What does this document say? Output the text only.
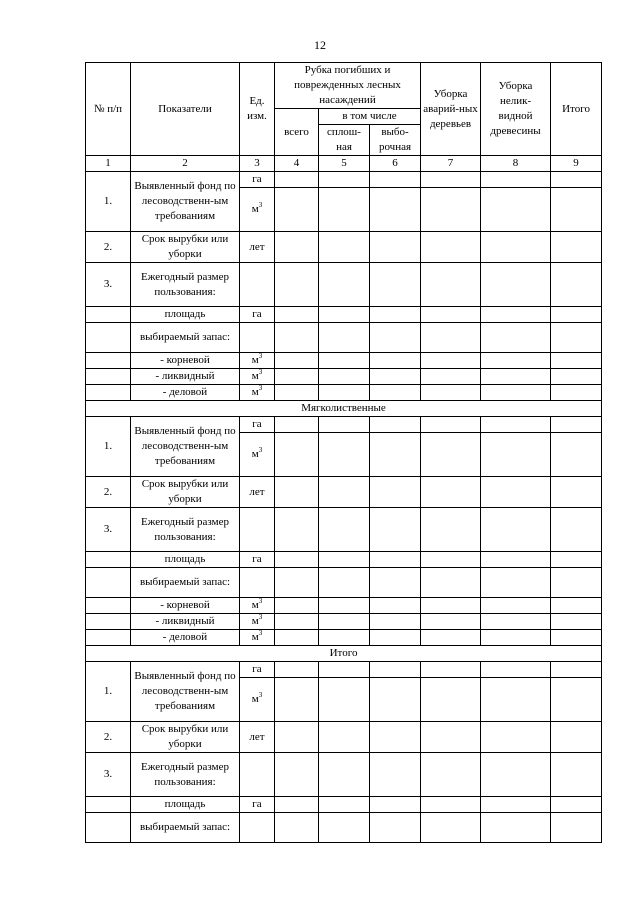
12
№ п/п	Показатели	Ед. изм.	Рубка погибших и поврежденных лесных насаждений			Уборка аварий-ных деревьев	Уборка нелик-видной древесины	Итого
			всего	в том числе				
				сплош-ная	выбо-рочная			
1	2	3	4	5	6	7	8	9
1.	Выявленный фонд по лесоводственн-ым требованиям	га						
		$м^3$						
2.	Срок вырубки или уборки	лет						
3.	Ежегодный размер пользования:							
	площадь	га						
	выбираемый запас:							
	- корневой	$м^3$						
	- ликвидный	$м^3$						
	- деловой	$м^3$						
Мягколиственные								
1.	Выявленный фонд по лесоводственн-ым требованиям	га						
		$м^3$						
2.	Срок вырубки или уборки	лет						
3.	Ежегодный размер пользования:							
	площадь	га						
	выбираемый запас:							
	- корневой	$м^3$						
	- ликвидный	$м^3$						
	- деловой	$м^3$						
Итого								
1.	Выявленный фонд по лесоводственн-ым требованиям	га						
		$м^3$						
2.	Срок вырубки или уборки	лет						
3.	Ежегодный размер пользования:							
	площадь	га						
	выбираемый запас:							
